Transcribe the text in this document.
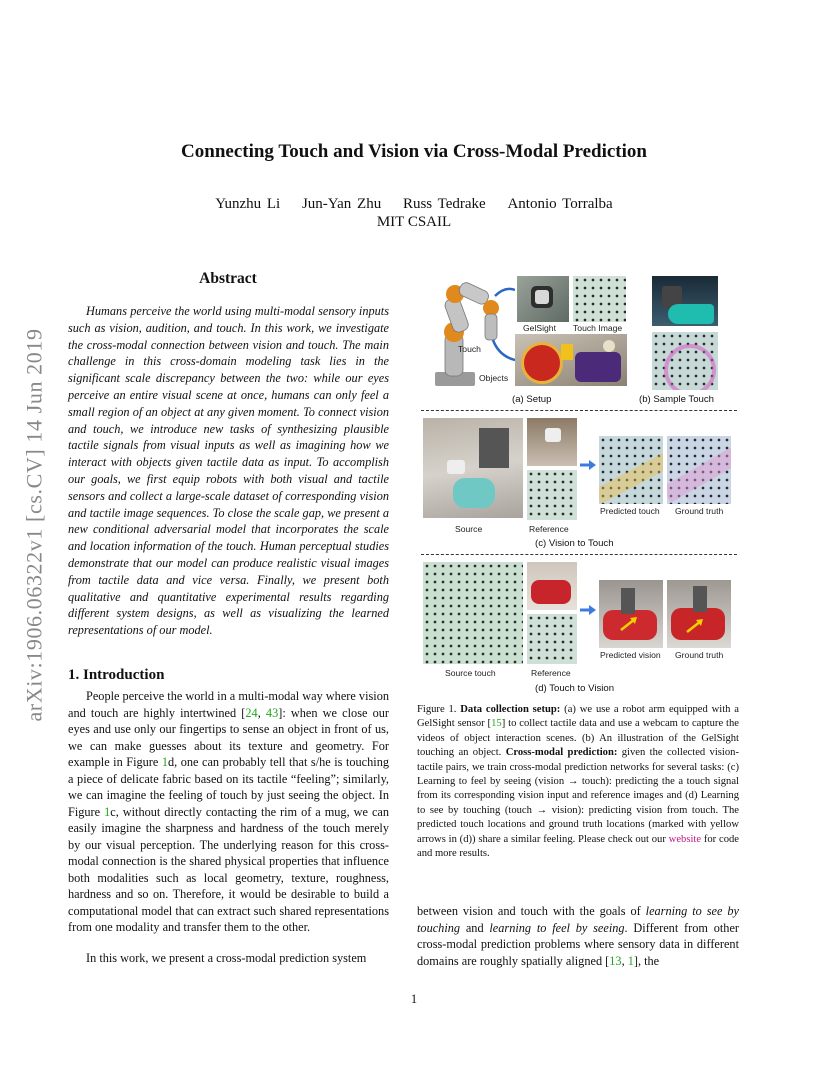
arXiv:1906.06322v1 [cs.CV] 14 Jun 2019
Connecting Touch and Vision via Cross-Modal Prediction
Yunzhu Li Jun-Yan Zhu Russ Tedrake Antonio Torralba
MIT CSAIL
Abstract

Humans perceive the world using multi-modal sensory inputs such as vision, audition, and touch. In this work, we investigate the cross-modal connection between vision and touch. The main challenge in this cross-domain modeling task lies in the significant scale discrepancy between the two: while our eyes perceive an entire visual scene at once, humans can only feel a small region of an object at any given moment. To connect vision and touch, we introduce new tasks of synthesizing plausible tactile signals from visual inputs as well as imagining how we interact with objects given tactile data as input. To accomplish our goals, we first equip robots with both visual and tactile sensors and collect a large-scale dataset of corresponding vision and tactile image sequences. To close the scale gap, we present a new conditional adversarial model that incorporates the scale and location information of the touch. Human perceptual studies demonstrate that our model can produce realistic visual images from tactile data and vice versa. Finally, we present both qualitative and quantitative experimental results regarding different system designs, as well as visualizing the learned representations of our model.

1. Introduction

People perceive the world in a multi-modal way where vision and touch are highly intertwined [24, 43]: when we close our eyes and use only our fingertips to sense an object in front of us, we can make guesses about its texture and geometry. For example in Figure 1d, one can probably tell that s/he is touching a piece of delicate fabric based on its tactile “feeling”; similarly, we can imagine the feeling of touch by just seeing the object. In Figure 1c, without directly contacting the rim of a mug, we can easily imagine the sharpness and hardness of the touch merely by our visual perception. The underlying reason for this cross-modal connection is the shared physical properties that influence both modalities such as local geometry, texture, roughness, hardness and so on. Therefore, it would be desirable to build a computational model that can extract such shared representations from one modality and transfer them to the other.

In this work, we present a cross-modal prediction system

GelSight Touch Image
Touch
Objects
(a) Setup	(b) Sample Touch
Source	Reference
Predicted touch Ground truth
(c) Vision to Touch
Source touch	Reference
Predicted vision Ground truth
(d) Touch to Vision

Figure 1. Data collection setup: (a) we use a robot arm equipped with a GelSight sensor [15] to collect tactile data and use a webcam to capture the videos of object interaction scenes. (b) An illustration of the GelSight touching an object. Cross-modal prediction: given the collected vision-tactile pairs, we train cross-modal prediction networks for several tasks: (c) Learning to feel by seeing (vision → touch): predicting the a touch signal from its corresponding vision input and reference images and (d) Learning to see by touching (touch → vision): predicting vision from touch. The predicted touch locations and ground truth locations (marked with yellow arrows in (d)) share a similar feeling. Please check out our website for code and more results.

between vision and touch with the goals of learning to see by touching and learning to feel by seeing. Different from other cross-modal prediction problems where sensory data in different domains are roughly spatially aligned [13, 1], the

1
